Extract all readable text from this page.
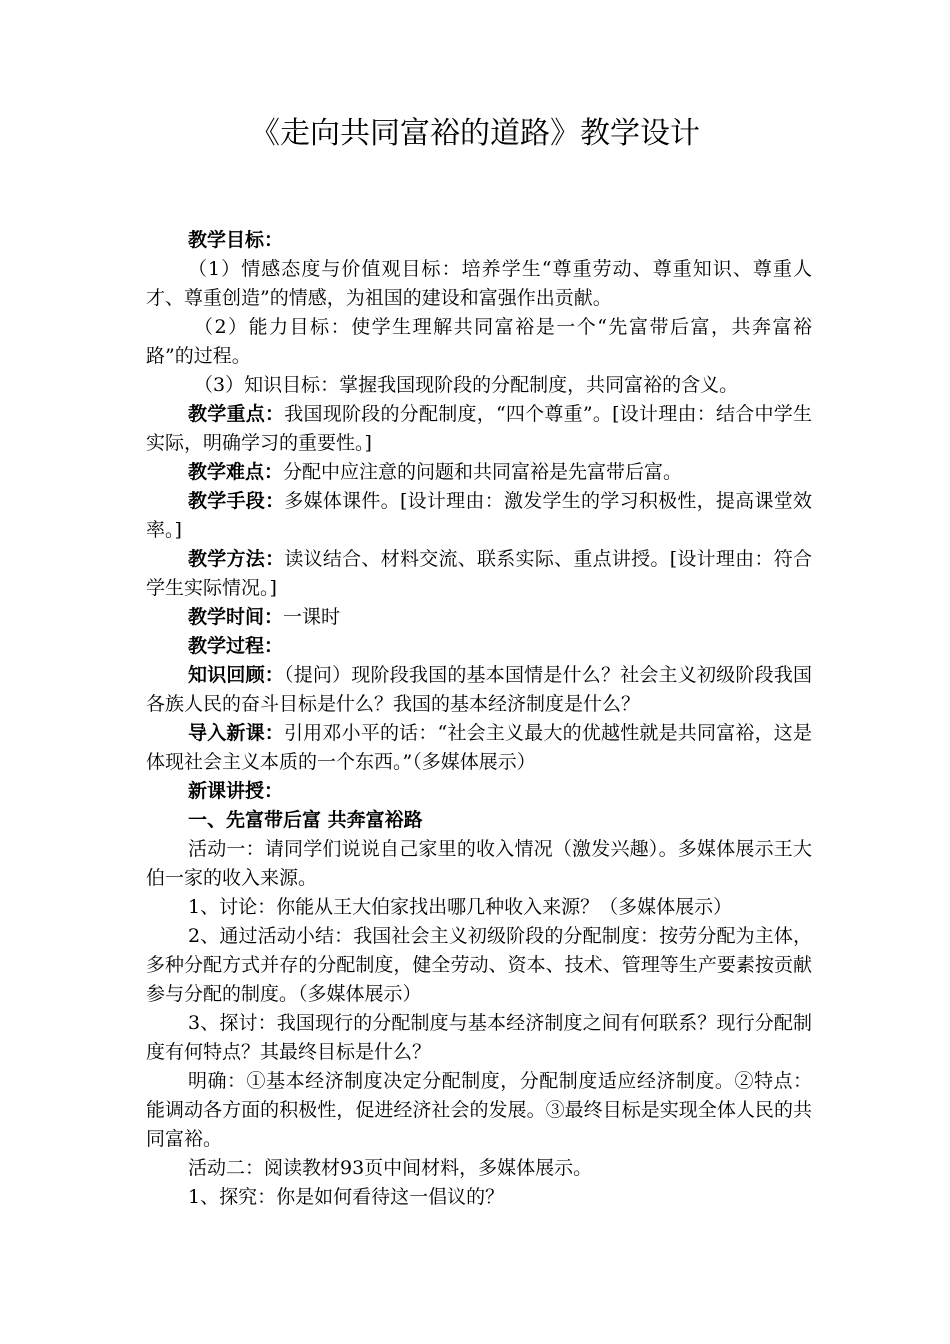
《走向共同富裕的道路》教学设计

教学目标：

（1）情感态度与价值观目标：培养学生“尊重劳动、尊重知识、尊重人才、尊重创造”的情感，为祖国的建设和富强作出贡献。

（2）能力目标：使学生理解共同富裕是一个“先富带后富，共奔富裕路”的过程。

（3）知识目标：掌握我国现阶段的分配制度，共同富裕的含义。

教学重点：我国现阶段的分配制度，“四个尊重”。[设计理由：结合中学生实际，明确学习的重要性。]

教学难点：分配中应注意的问题和共同富裕是先富带后富。

教学手段：多媒体课件。[设计理由：激发学生的学习积极性，提高课堂效率。]

教学方法：读议结合、材料交流、联系实际、重点讲授。[设计理由：符合学生实际情况。]

教学时间：一课时

教学过程：

知识回顾：（提问）现阶段我国的基本国情是什么？社会主义初级阶段我国各族人民的奋斗目标是什么？我国的基本经济制度是什么？

导入新课：引用邓小平的话：“社会主义最大的优越性就是共同富裕，这是体现社会主义本质的一个东西。”（多媒体展示）

新课讲授：

一、先富带后富 共奔富裕路

活动一：请同学们说说自己家里的收入情况（激发兴趣）。多媒体展示王大伯一家的收入来源。

1、讨论：你能从王大伯家找出哪几种收入来源？（多媒体展示）

2、通过活动小结：我国社会主义初级阶段的分配制度：按劳分配为主体，多种分配方式并存的分配制度，健全劳动、资本、技术、管理等生产要素按贡献参与分配的制度。（多媒体展示）

3、探讨：我国现行的分配制度与基本经济制度之间有何联系？现行分配制度有何特点？其最终目标是什么？

明确：①基本经济制度决定分配制度，分配制度适应经济制度。②特点：能调动各方面的积极性，促进经济社会的发展。③最终目标是实现全体人民的共同富裕。

活动二：阅读教材93页中间材料，多媒体展示。

1、探究：你是如何看待这一倡议的？
